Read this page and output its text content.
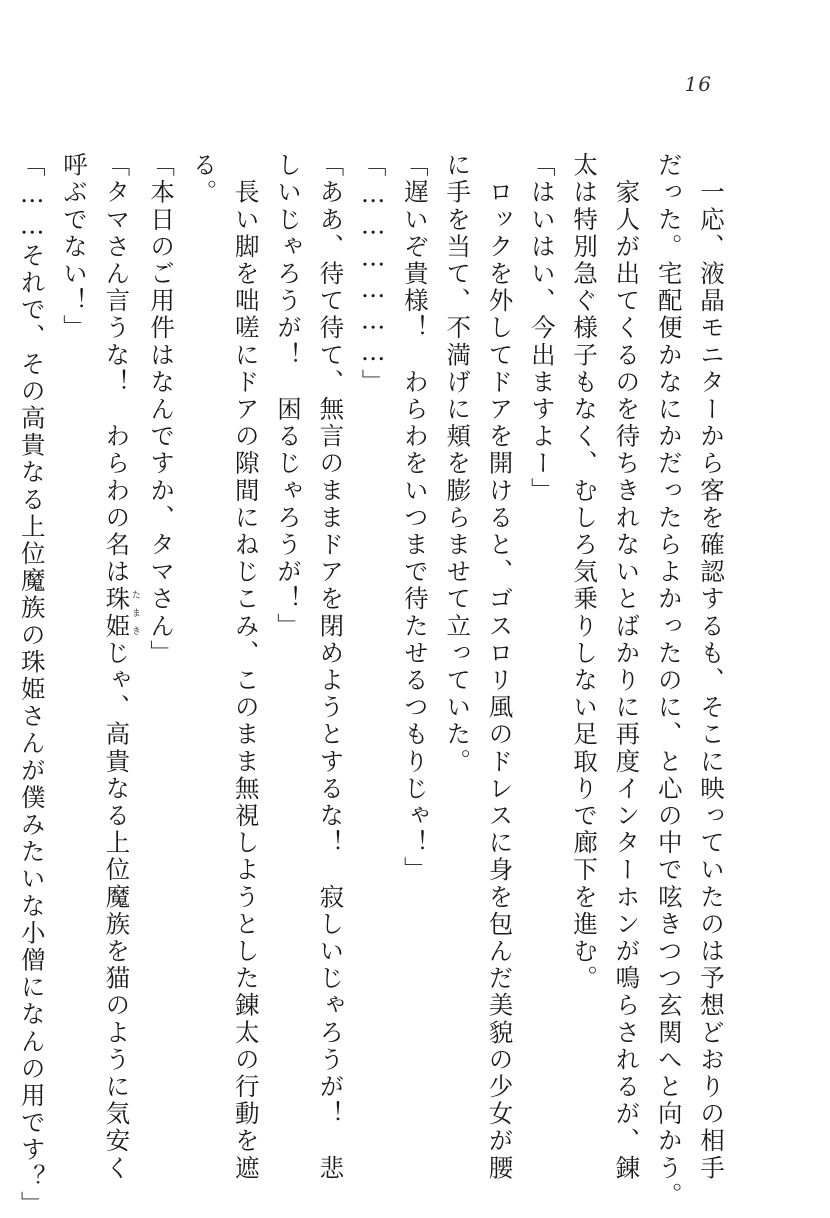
16
　一応、液晶モニターから客を確認するも、そこに映っていたのは予想どおりの相手
だった。宅配便かなにかだったらよかったのに、と心の中で呟きつつ玄関へと向かう。
　家人が出てくるのを待ちきれないとばかりに再度インターホンが鳴らされるが、錬
太は特別急ぐ様子もなく、むしろ気乗りしない足取りで廊下を進む。
「はいはい、今出ますよー」
　ロックを外してドアを開けると、ゴスロリ風のドレスに身を包んだ美貌の少女が腰
に手を当て、不満げに頬を膨らませて立っていた。
「遅いぞ貴様！　わらわをいつまで待たせるつもりじゃ！」
「………………」
「ああ、待て待て、無言のままドアを閉めようとするな！　寂しいじゃろうが！　悲
しいじゃろうが！　困るじゃろうが！」
　長い脚を咄嗟にドアの隙間にねじこみ、このまま無視しようとした錬太の行動を遮
る。
「本日のご用件はなんですか、タマさん」
「タマさん言うな！　わらわの名は珠姫たまきじゃ、高貴なる上位魔族を猫のように気安く
呼ぶでない！」
「……それで、その高貴なる上位魔族の珠姫さんが僕みたいな小僧になんの用です？」
